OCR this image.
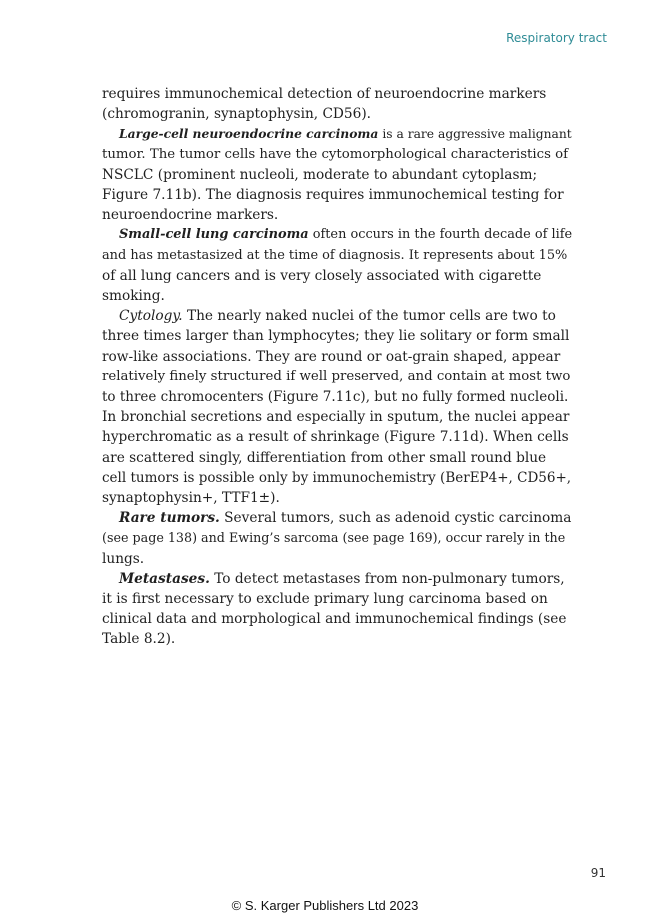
Respiratory tract
requires immunochemical detection of neuroendocrine markers
(chromogranin, synaptophysin, CD56).
Large-cell neuroendocrine carcinoma is a rare aggressive malignant
tumor. The tumor cells have the cytomorphological characteristics of
NSCLC (prominent nucleoli, moderate to abundant cytoplasm;
Figure 7.11b). The diagnosis requires immunochemical testing for
neuroendocrine markers.
Small-cell lung carcinoma often occurs in the fourth decade of life
and has metastasized at the time of diagnosis. It represents about 15%
of all lung cancers and is very closely associated with cigarette
smoking.
Cytology. The nearly naked nuclei of the tumor cells are two to
three times larger than lymphocytes; they lie solitary or form small
row-like associations. They are round or oat-grain shaped, appear
relatively finely structured if well preserved, and contain at most two
to three chromocenters (Figure 7.11c), but no fully formed nucleoli.
In bronchial secretions and especially in sputum, the nuclei appear
hyperchromatic as a result of shrinkage (Figure 7.11d). When cells
are scattered singly, differentiation from other small round blue
cell tumors is possible only by immunochemistry (BerEP4+, CD56+,
synaptophysin+, TTF1±).
Rare tumors. Several tumors, such as adenoid cystic carcinoma
(see page 138) and Ewing’s sarcoma (see page 169), occur rarely in the
lungs.
Metastases. To detect metastases from non-pulmonary tumors,
it is first necessary to exclude primary lung carcinoma based on
clinical data and morphological and immunochemical findings (see
Table 8.2).
91
© S. Karger Publishers Ltd 2023
